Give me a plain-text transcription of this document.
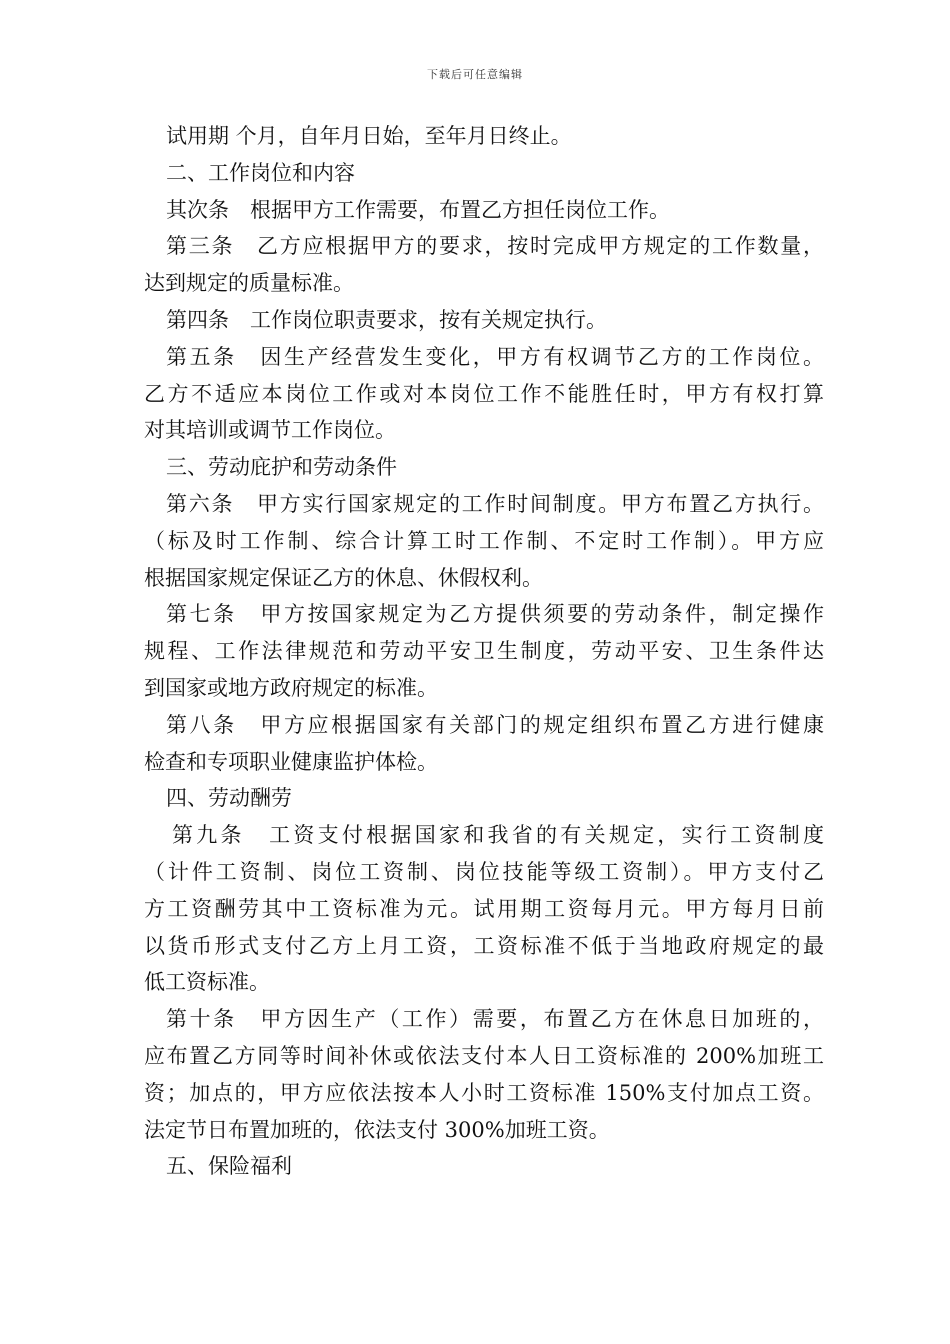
下载后可任意编辑
试用期 个月，自年月日始，至年月日终止。
二、工作岗位和内容
其次条　根据甲方工作需要，布置乙方担任岗位工作。
第三条　乙方应根据甲方的要求，按时完成甲方规定的工作数量，
达到规定的质量标准。
第四条　工作岗位职责要求，按有关规定执行。
第五条　因生产经营发生变化，甲方有权调节乙方的工作岗位。
乙方不适应本岗位工作或对本岗位工作不能胜任时，甲方有权打算
对其培训或调节工作岗位。
三、劳动庇护和劳动条件
第六条　甲方实行国家规定的工作时间制度。甲方布置乙方执行。
（标及时工作制、综合计算工时工作制、不定时工作制）。甲方应
根据国家规定保证乙方的休息、休假权利。
第七条　甲方按国家规定为乙方提供须要的劳动条件，制定操作
规程、工作法律规范和劳动平安卫生制度，劳动平安、卫生条件达
到国家或地方政府规定的标准。
第八条　甲方应根据国家有关部门的规定组织布置乙方进行健康
检查和专项职业健康监护体检。
四、劳动酬劳
第九条　工资支付根据国家和我省的有关规定，实行工资制度
（计件工资制、岗位工资制、岗位技能等级工资制）。甲方支付乙
方工资酬劳其中工资标准为元。试用期工资每月元。甲方每月日前
以货币形式支付乙方上月工资，工资标准不低于当地政府规定的最
低工资标准。
第十条　甲方因生产（工作）需要，布置乙方在休息日加班的，
应布置乙方同等时间补休或依法支付本人日工资标准的 200%加班工
资；加点的，甲方应依法按本人小时工资标准 150%支付加点工资。
法定节日布置加班的，依法支付 300%加班工资。
五、保险福利
